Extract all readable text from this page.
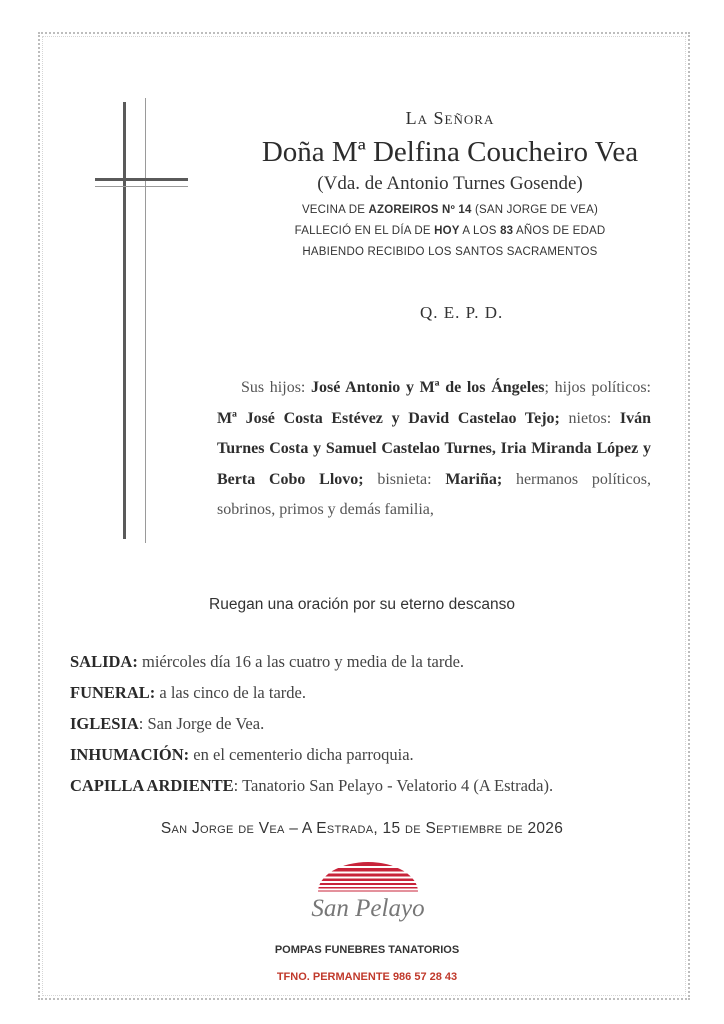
La Señora
Doña Mª Delfina Coucheiro Vea
(Vda. de Antonio Turnes Gosende)
VECINA DE AZOREIROS Nº 14 (SAN JORGE DE VEA)
FALLECIÓ EN EL DÍA DE HOY A LOS 83 AÑOS DE EDAD
HABIENDO RECIBIDO LOS SANTOS SACRAMENTOS
Q. E. P. D.
Sus hijos: José Antonio y Mª de los Ángeles; hijos políticos: Mª José Costa Estévez y David Castelao Tejo; nietos: Iván Turnes Costa y Samuel Castelao Turnes, Iria Miranda López y Berta Cobo Llovo; bisnieta: Mariña; hermanos políticos, sobrinos, primos y demás familia,
Ruegan una oración por su eterno descanso
SALIDA: miércoles día 16 a las cuatro y media de la tarde.
FUNERAL: a las cinco de la tarde.
IGLESIA: San Jorge de Vea.
INHUMACIÓN: en el cementerio dicha parroquia.
CAPILLA ARDIENTE: Tanatorio San Pelayo - Velatorio 4 (A Estrada).
San Jorge de Vea – A Estrada, 15 de Septiembre de 2026
San Pelayo
POMPAS FUNEBRES TANATORIOS
TFNO. PERMANENTE 986 57 28 43
